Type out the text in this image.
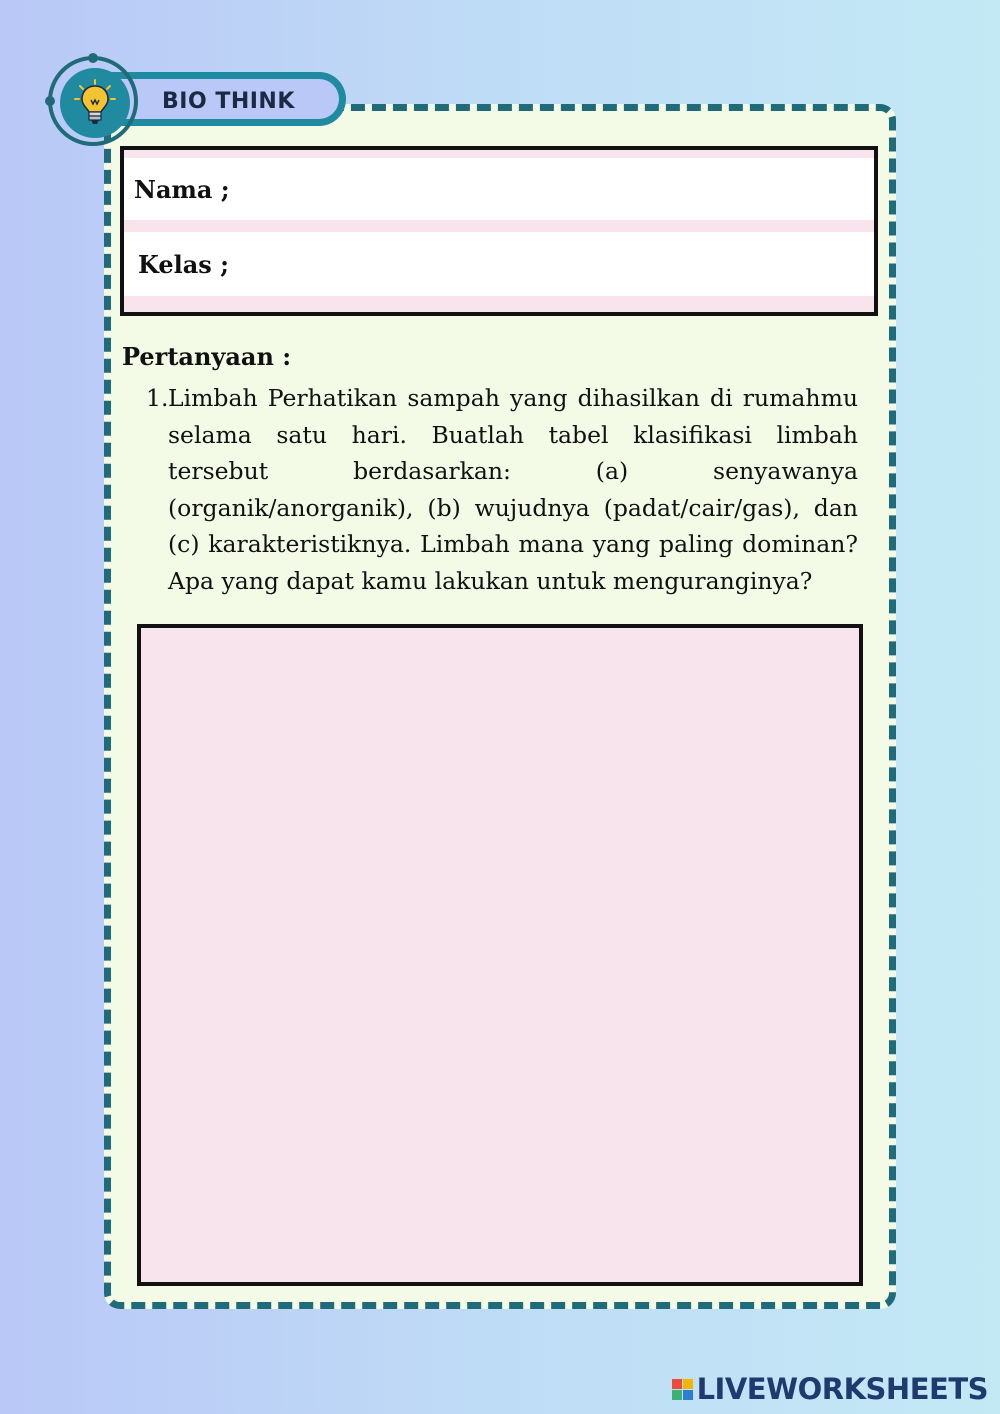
BIO THINK
Nama ;
Kelas ;
Pertanyaan :
1. Limbah Perhatikan sampah yang dihasilkan di rumahmu selama satu hari. Buatlah tabel klasifikasi limbah tersebut berdasarkan: (a) senyawanya (organik/anorganik), (b) wujudnya (padat/cair/gas), dan (c) karakteristiknya. Limbah mana yang paling dominan? Apa yang dapat kamu lakukan untuk menguranginya?
LIVEWORKSHEETS
